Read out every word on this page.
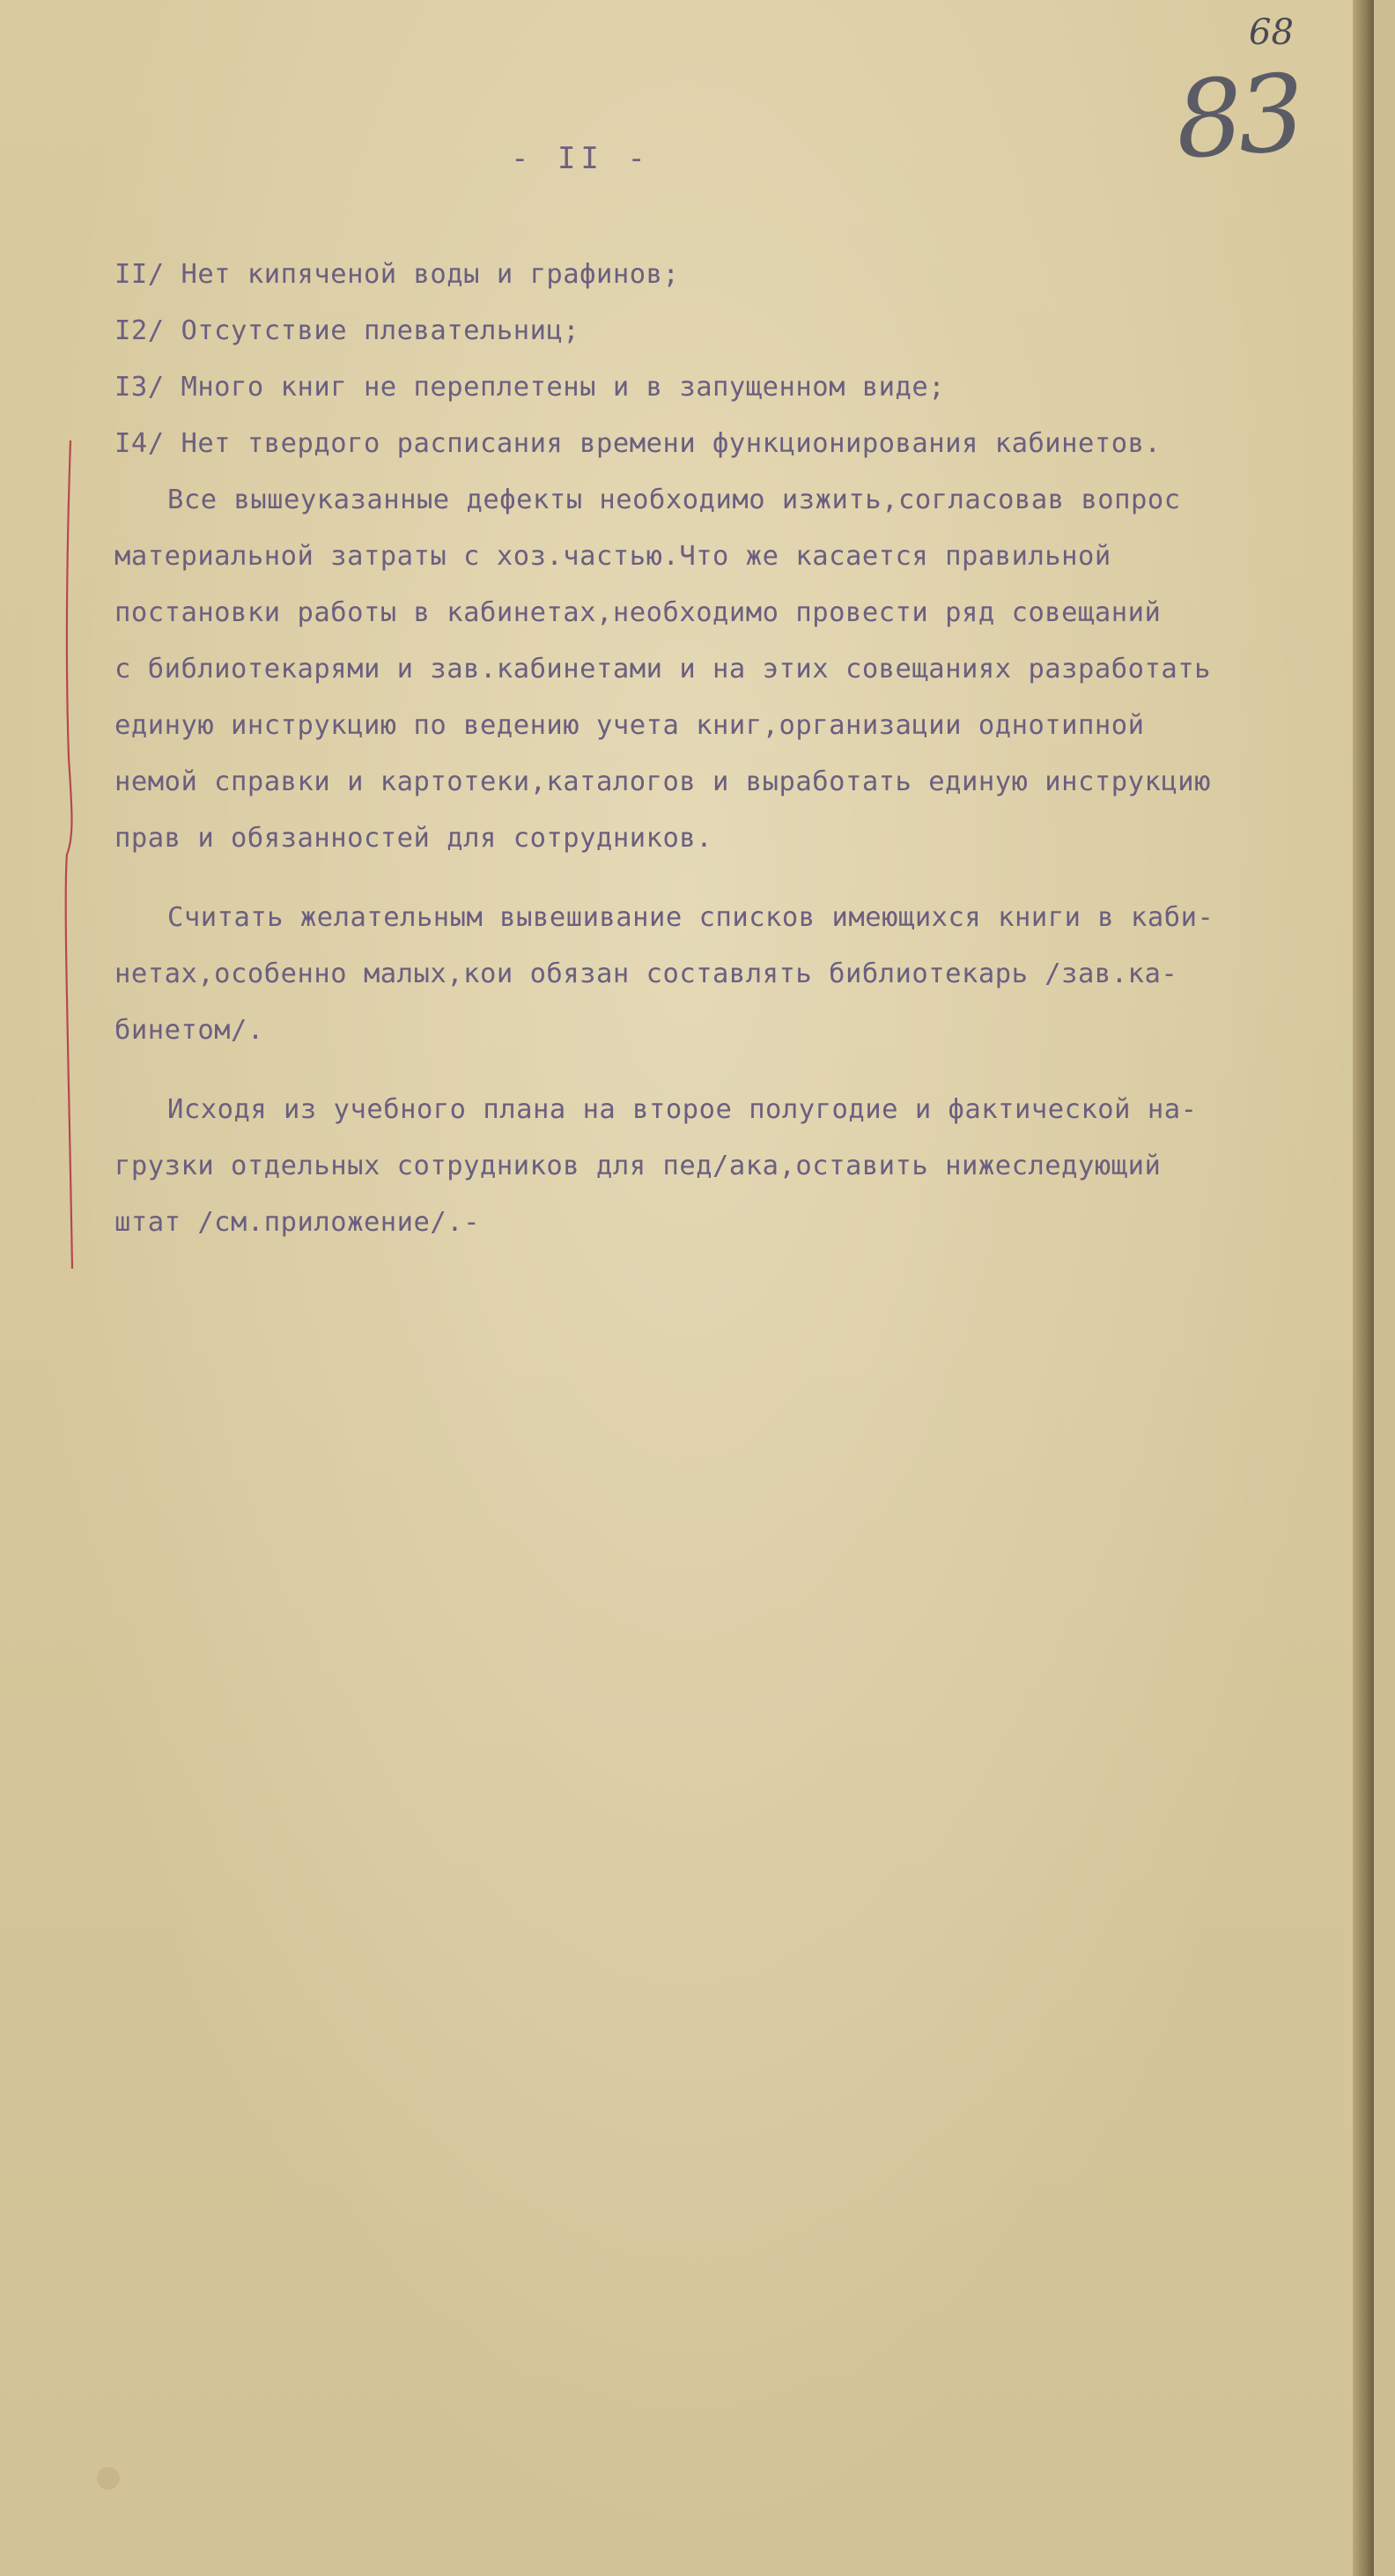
68
83
- II -
II/ Нет кипяченой воды и графинов;
I2/ Отсутствие плевательниц;
I3/ Много книг не переплетены и в запущенном виде;
I4/ Нет твердого расписания времени функционирования кабинетов.
Все вышеуказанные дефекты необходимо изжить,согласовав вопрос
материальной затраты с хоз.частью.Что же касается правильной
постановки работы в кабинетах,необходимо провести ряд совещаний
с библиотекарями и зав.кабинетами и на этих совещаниях разработать
единую инструкцию по ведению учета книг,организации однотипной
немой справки и картотеки,каталогов и выработать единую инструкцию
прав и обязанностей для сотрудников.
Считать желательным вывешивание списков имеющихся книги в каби-
нетах,особенно малых,кои обязан составлять библиотекарь /зав.ка-
бинетом/.
Исходя из учебного плана на второе полугодие и фактической на-
грузки отдельных сотрудников для пед/ака,оставить нижеследующий
штат /см.приложение/.-
